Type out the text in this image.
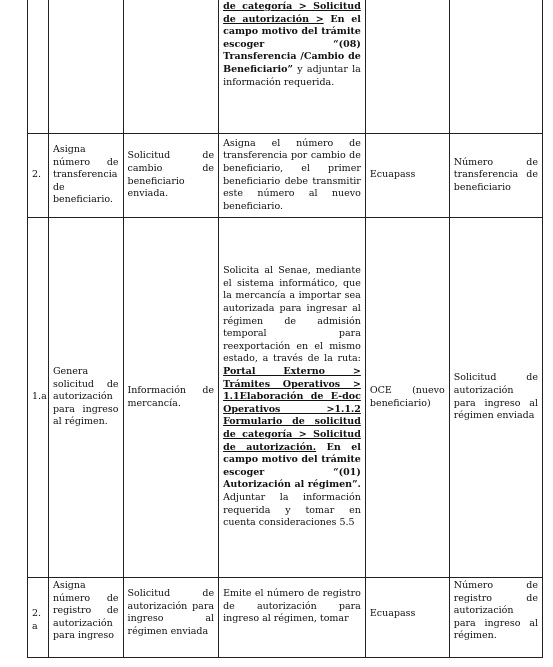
			de categoría > Solicitud de autorización > En el campo motivo del trámite escoger “(08) Transferencia /Cambio de Beneficiario” y adjuntar la información requerida.		
2.	Asigna número de transferencia de beneficiario.	Solicitud de cambio de beneficiario enviada.	Asigna el número de transferencia por cambio de beneficiario, el primer beneficiario debe transmitir este número al nuevo beneficiario.	Ecuapass	Número de transferencia de beneficiario
1.a	Genera solicitud de autorización para ingreso al régimen.	Información de mercancía.	Solicita al Senae, mediante el sistema informático, que la mercancía a importar sea autorizada para ingresar al régimen de admisión temporal para reexportación en el mismo estado, a través de la ruta: Portal Externo > Trámites Operativos > 1.1Elaboración de E-doc Operativos >1.1.2 Formulario de solicitud de categoría > Solicitud de autorización. En el campo motivo del trámite escoger “(01) Autorización al régimen”. Adjuntar la información requerida y tomar en cuenta consideraciones 5.5	OCE (nuevo beneficiario)	Solicitud de autorización para ingreso al régimen enviada
2. a	Asigna número de registro de autorización para ingreso	Solicitud de autorización para ingreso al régimen enviada	Emite el número de registro de autorización para ingreso al régimen, tomar	Ecuapass	Número de registro de autorización para ingreso al régimen.
